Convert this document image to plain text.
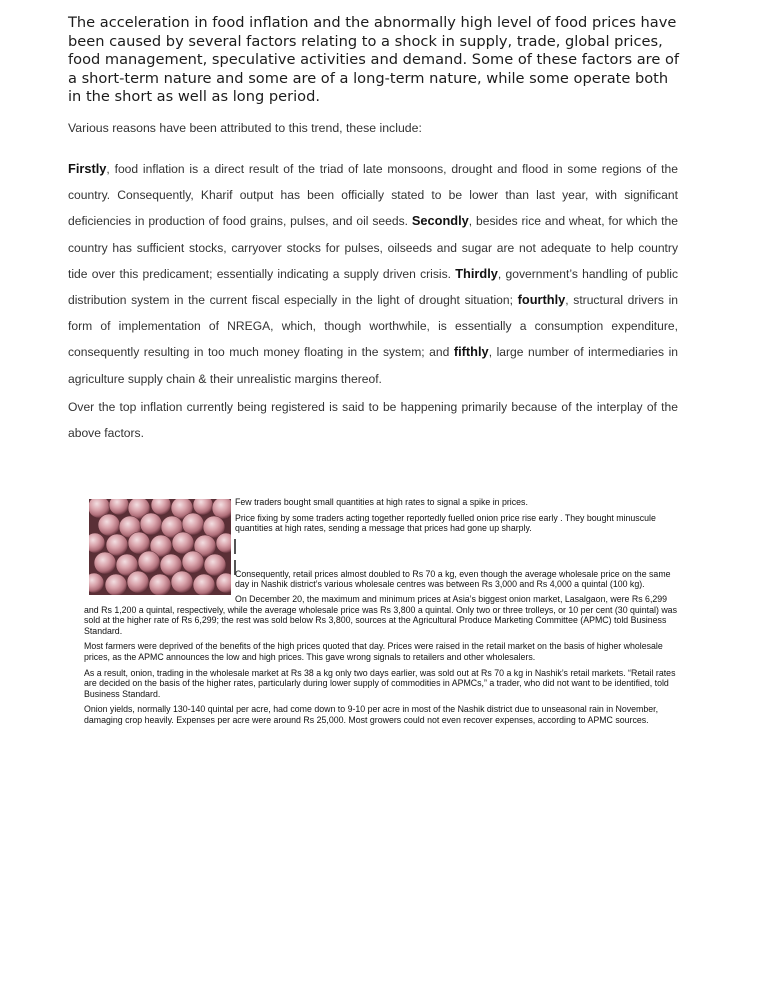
The acceleration in food inflation and the abnormally high level of food prices have been caused by several factors relating to a shock in supply, trade, global prices, food management, speculative activities and demand. Some of these factors are of a short-term nature and some are of a long-term nature, while some operate both in the short as well as long period.

Various reasons have been attributed to this trend, these include:

Firstly, food inflation is a direct result of the triad of late monsoons, drought and flood in some regions of the country. Consequently, Kharif output has been officially stated to be lower than last year, with significant deficiencies in production of food grains, pulses, and oil seeds. Secondly, besides rice and wheat, for which the country has sufficient stocks, carryover stocks for pulses, oilseeds and sugar are not adequate to help country tide over this predicament; essentially indicating a supply driven crisis. Thirdly, government’s handling of public distribution system in the current fiscal especially in the light of drought situation; fourthly, structural drivers in form of implementation of NREGA, which, though worthwhile, is essentially a consumption expenditure, consequently resulting in too much money floating in the system; and fifthly, large number of intermediaries in agriculture supply chain & their unrealistic margins thereof.

Over the top inflation currently being registered is said to be happening primarily because of the interplay of the above factors.

Few traders bought small quantities at high rates to signal a spike in prices.

Price fixing by some traders acting together reportedly fuelled onion price rise early . They bought minuscule quantities at high rates, sending a message that prices had gone up sharply.

Consequently, retail prices almost doubled to Rs 70 a kg, even though the average wholesale price on the same day in Nashik district’s various wholesale centres was between Rs 3,000 and Rs 4,000 a quintal (100 kg).

On December 20, the maximum and minimum prices at Asia’s biggest onion market, Lasalgaon, were Rs 6,299 and Rs 1,200 a quintal, respectively, while the average wholesale price was Rs 3,800 a quintal. Only two or three trolleys, or 10 per cent (30 quintal) was sold at the higher rate of Rs 6,299; the rest was sold below Rs 3,800, sources at the Agricultural Produce Marketing Committee (APMC) told Business Standard.

Most farmers were deprived of the benefits of the high prices quoted that day. Prices were raised in the retail market on the basis of higher wholesale prices, as the APMC announces the low and high prices. This gave wrong signals to retailers and other wholesalers.

As a result, onion, trading in the wholesale market at Rs 38 a kg only two days earlier, was sold out at Rs 70 a kg in Nashik’s retail markets. “Retail rates are decided on the basis of the higher rates, particularly during lower supply of commodities in APMCs,” a trader, who did not want to be identified, told Business Standard.

Onion yields, normally 130-140 quintal per acre, had come down to 9-10 per acre in most of the Nashik district due to unseasonal rain in November, damaging crop heavily. Expenses per acre were around Rs 25,000. Most growers could not even recover expenses, according to APMC sources.
